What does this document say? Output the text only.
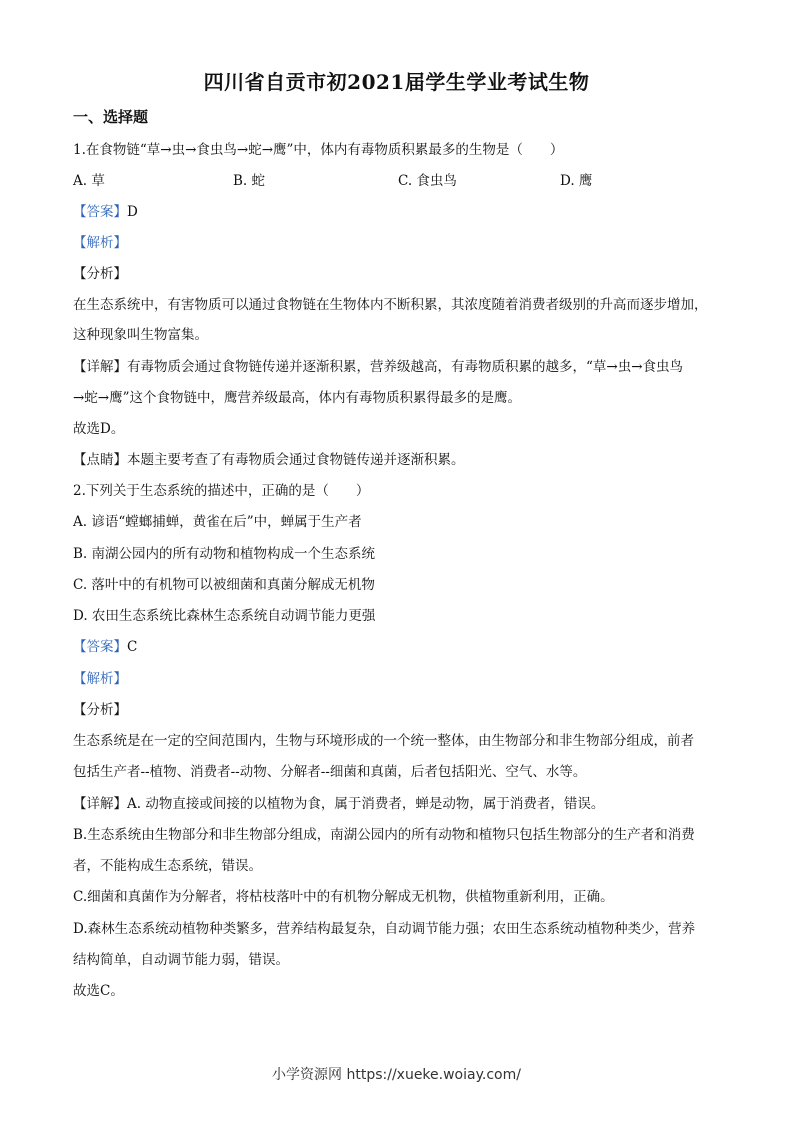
四川省自贡市初2021届学生学业考试生物
一、选择题
1.在食物链“草→虫→食虫鸟→蛇→鹰”中，体内有毒物质积累最多的生物是（　　）
A. 草	B. 蛇	C. 食虫鸟	D. 鹰
【答案】D
【解析】
【分析】
在生态系统中，有害物质可以通过食物链在生物体内不断积累，其浓度随着消费者级别的升高而逐步增加，
这种现象叫生物富集。
【详解】有毒物质会通过食物链传递并逐渐积累，营养级越高，有毒物质积累的越多，“草→虫→食虫鸟
→蛇→鹰”这个食物链中，鹰营养级最高，体内有毒物质积累得最多的是鹰。
故选D。
【点睛】本题主要考查了有毒物质会通过食物链传递并逐渐积累。
2.下列关于生态系统的描述中，正确的是（　　）
A. 谚语“螳螂捕蝉，黄雀在后”中，蝉属于生产者
B. 南湖公园内的所有动物和植物构成一个生态系统
C. 落叶中的有机物可以被细菌和真菌分解成无机物
D. 农田生态系统比森林生态系统自动调节能力更强
【答案】C
【解析】
【分析】
生态系统是在一定的空间范围内，生物与环境形成的一个统一整体，由生物部分和非生物部分组成，前者
包括生产者--植物、消费者--动物、分解者--细菌和真菌，后者包括阳光、空气、水等。
【详解】A. 动物直接或间接的以植物为食，属于消费者，蝉是动物，属于消费者，错误。
B.生态系统由生物部分和非生物部分组成，南湖公园内的所有动物和植物只包括生物部分的生产者和消费
者，不能构成生态系统，错误。
C.细菌和真菌作为分解者，将枯枝落叶中的有机物分解成无机物，供植物重新利用，正确。
D.森林生态系统动植物种类繁多，营养结构最复杂，自动调节能力强；农田生态系统动植物种类少，营养
结构简单，自动调节能力弱，错误。
故选C。
小学资源网 https://xueke.woiay.com/
